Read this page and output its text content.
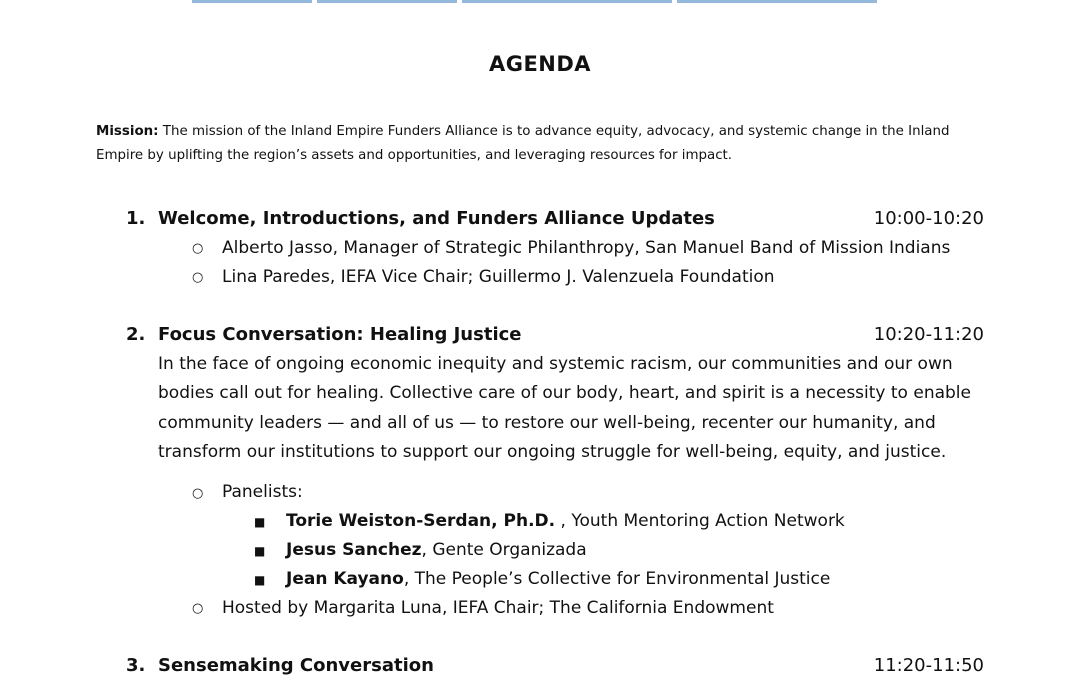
AGENDA
Mission: The mission of the Inland Empire Funders Alliance is to advance equity, advocacy, and systemic change in the Inland Empire by uplifting the region’s assets and opportunities, and leveraging resources for impact.
1. Welcome, Introductions, and Funders Alliance Updates	10:00-10:20
○ Alberto Jasso, Manager of Strategic Philanthropy, San Manuel Band of Mission Indians
○ Lina Paredes, IEFA Vice Chair; Guillermo J. Valenzuela Foundation
2. Focus Conversation: Healing Justice	10:20-11:20
In the face of ongoing economic inequity and systemic racism, our communities and our own bodies call out for healing. Collective care of our body, heart, and spirit is a necessity to enable community leaders — and all of us — to restore our well-being, recenter our humanity, and transform our institutions to support our ongoing struggle for well-being, equity, and justice.
○ Panelists:
■ Torie Weiston-Serdan, Ph.D. , Youth Mentoring Action Network
■ Jesus Sanchez, Gente Organizada
■ Jean Kayano, The People’s Collective for Environmental Justice
○ Hosted by Margarita Luna, IEFA Chair; The California Endowment
3. Sensemaking Conversation	11:20-11:50
